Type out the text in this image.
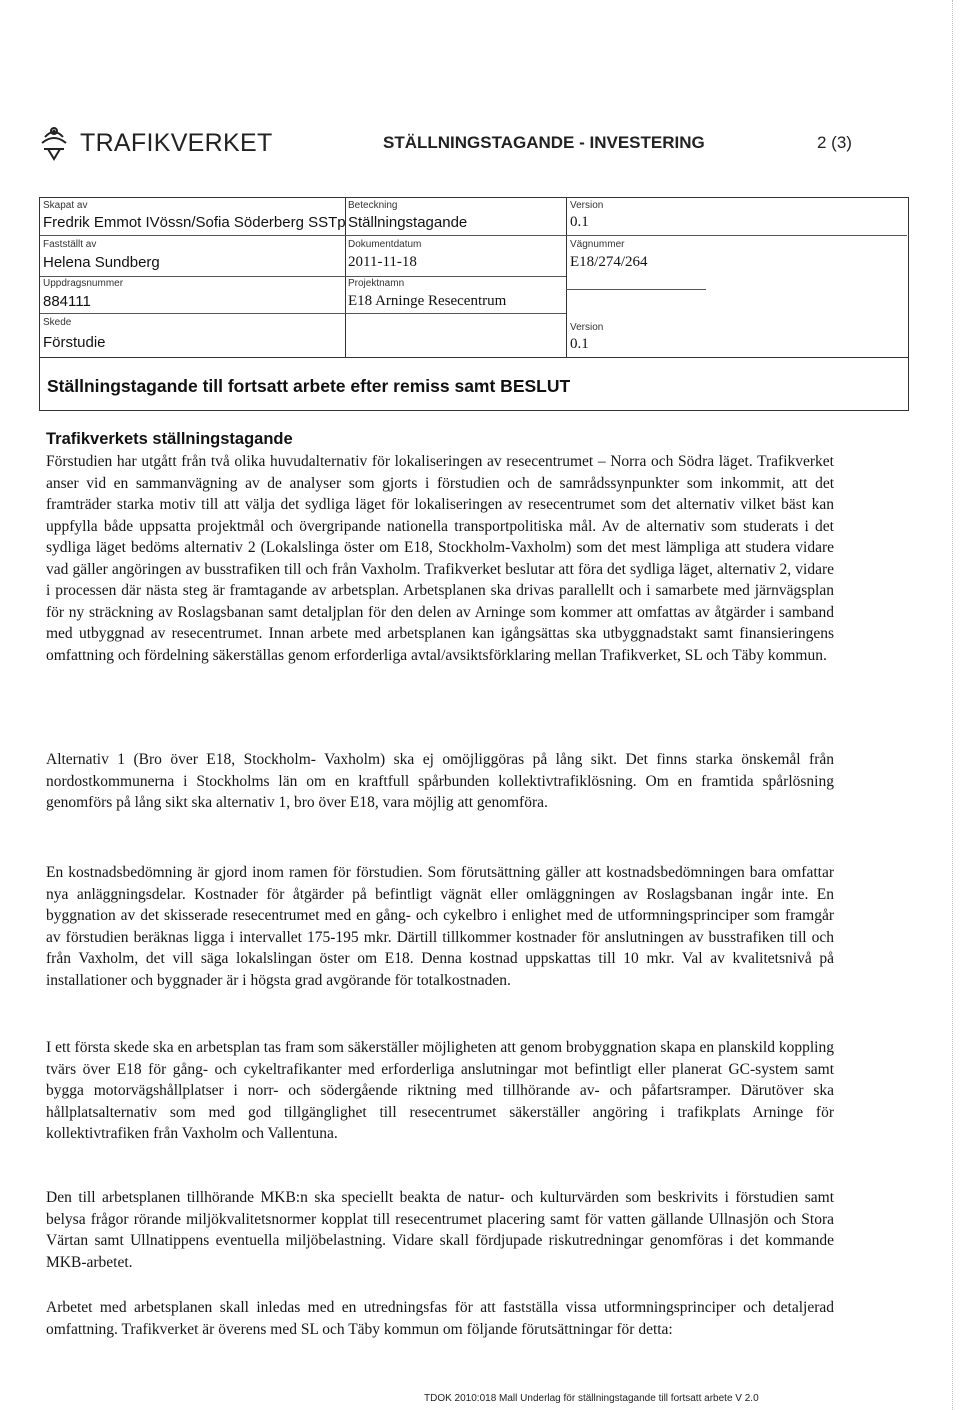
TRAFIKVERKET	STÄLLNINGSTAGANDE - INVESTERING	2 (3)
Skapat av
Fredrik Emmot IVössn/Sofia Söderberg SSTp
Beteckning
Ställningstagande
Version
0.1
Fastställt av
Helena Sundberg
Dokumentdatum
2011-11-18
Vägnummer
E18/274/264
Uppdragsnummer
884111
Projektnamn
E18 Arninge Resecentrum
Skede
Förstudie
Version
0.1
Ställningstagande till fortsatt arbete efter remiss samt BESLUT
Trafikverkets ställningstagande

Förstudien har utgått från två olika huvudalternativ för lokaliseringen av resecentrumet – Norra och Södra läget. Trafikverket anser vid en sammanvägning av de analyser som gjorts i förstudien och de samrådssynpunkter som inkommit, att det framträder starka motiv till att välja det sydliga läget för lokaliseringen av resecentrumet som det alternativ vilket bäst kan uppfylla både uppsatta projektmål och övergripande nationella transportpolitiska mål. Av de alternativ som studerats i det sydliga läget bedöms alternativ 2 (Lokalslinga öster om E18, Stockholm-Vaxholm) som det mest lämpliga att studera vidare vad gäller angöringen av busstrafiken till och från Vaxholm. Trafikverket beslutar att föra det sydliga läget, alternativ 2, vidare i processen där nästa steg är framtagande av arbetsplan. Arbetsplanen ska drivas parallellt och i samarbete med järnvägsplan för ny sträckning av Roslagsbanan samt detaljplan för den delen av Arninge som kommer att omfattas av åtgärder i samband med utbyggnad av resecentrumet. Innan arbete med arbetsplanen kan igångsättas ska utbyggnadstakt samt finansieringens omfattning och fördelning säkerställas genom erforderliga avtal/avsiktsförklaring mellan Trafikverket, SL och Täby kommun.

Alternativ 1 (Bro över E18, Stockholm- Vaxholm) ska ej omöjliggöras på lång sikt. Det finns starka önskemål från nordostkommunerna i Stockholms län om en kraftfull spårbunden kollektivtrafiklösning. Om en framtida spårlösning genomförs på lång sikt ska alternativ 1, bro över E18, vara möjlig att genomföra.

En kostnadsbedömning är gjord inom ramen för förstudien. Som förutsättning gäller att kostnadsbedömningen bara omfattar nya anläggningsdelar. Kostnader för åtgärder på befintligt vägnät eller omläggningen av Roslagsbanan ingår inte. En byggnation av det skisserade resecentrumet med en gång- och cykelbro i enlighet med de utformningsprinciper som framgår av förstudien beräknas ligga i intervallet 175-195 mkr. Därtill tillkommer kostnader för anslutningen av busstrafiken till och från Vaxholm, det vill säga lokalslingan öster om E18. Denna kostnad uppskattas till 10 mkr. Val av kvalitetsnivå på installationer och byggnader är i högsta grad avgörande för totalkostnaden.

I ett första skede ska en arbetsplan tas fram som säkerställer möjligheten att genom brobyggnation skapa en planskild koppling tvärs över E18 för gång- och cykeltrafikanter med erforderliga anslutningar mot befintligt eller planerat GC-system samt bygga motorvägshållplatser i norr- och södergående riktning med tillhörande av- och påfartsramper. Därutöver ska hållplatsalternativ som med god tillgänglighet till resecentrumet säkerställer angöring i trafikplats Arninge för kollektivtrafiken från Vaxholm och Vallentuna.

Den till arbetsplanen tillhörande MKB:n ska speciellt beakta de natur- och kulturvärden som beskrivits i förstudien samt belysa frågor rörande miljökvalitetsnormer kopplat till resecentrumet placering samt för vatten gällande Ullnasjön och Stora Värtan samt Ullnatippens eventuella miljöbelastning. Vidare skall fördjupade riskutredningar genomföras i det kommande MKB-arbetet.

Arbetet med arbetsplanen skall inledas med en utredningsfas för att fastställa vissa utformningsprinciper och detaljerad omfattning. Trafikverket är överens med SL och Täby kommun om följande förutsättningar för detta:

TDOK 2010:018 Mall Underlag för ställningstagande till fortsatt arbete V 2.0
